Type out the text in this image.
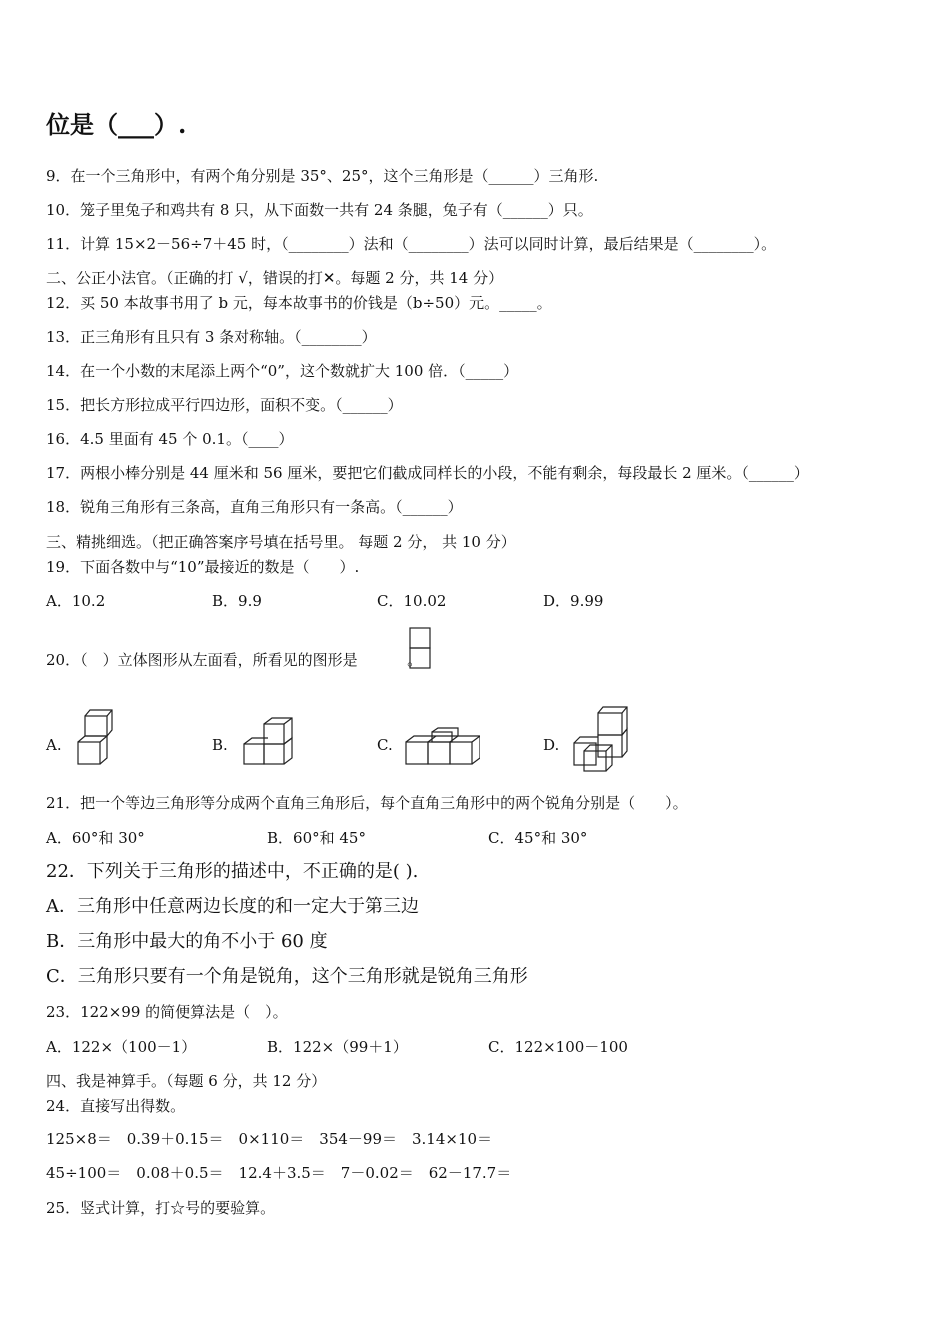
位是（___）.
9．在一个三角形中，有两个角分别是 35°、25°，这个三角形是（______）三角形.
10．笼子里兔子和鸡共有 8 只，从下面数一共有 24 条腿，兔子有（______）只。
11．计算 15×2－56÷7＋45 时，（________）法和（________）法可以同时计算，最后结果是（________）。
二、公正小法官。（正确的打 √，错误的打✕。每题 2 分，共 14 分）
12．买 50 本故事书用了 b 元，每本故事书的价钱是（b÷50）元。_____。
13．正三角形有且只有 3 条对称轴。（________）
14．在一个小数的末尾添上两个“0”，这个数就扩大 100 倍．（_____）
15．把长方形拉成平行四边形，面积不变。（______）
16．4.5 里面有 45 个 0.1。（____）
17．两根小棒分别是 44 厘米和 56 厘米，要把它们截成同样长的小段，不能有剩余，每段最长 2 厘米。（______）
18．锐角三角形有三条高，直角三角形只有一条高。（______）
三、精挑细选。（把正确答案序号填在括号里。 每题 2 分， 共 10 分）
19．下面各数中与“10”最接近的数是（　　）.
A．10.2	B．9.9	C．10.02	D．9.99
20．（　）立体图形从左面看，所看见的图形是	。
A.	B.	C.	D.
21．把一个等边三角形等分成两个直角三角形后，每个直角三角形中的两个锐角分别是（　　）。
A．60°和 30°	B．60°和 45°	C．45°和 30°
22．下列关于三角形的描述中，不正确的是( ).
A．三角形中任意两边长度的和一定大于第三边
B．三角形中最大的角不小于 60 度
C．三角形只要有一个角是锐角，这个三角形就是锐角三角形
23．122×99 的简便算法是（　）。
A．122×（100－1）	B．122×（99＋1）	C．122×100－100
四、我是神算手。（每题 6 分，共 12 分）
24．直接写出得数。
125×8＝　0.39＋0.15＝　0×110＝　354－99＝　3.14×10＝
45÷100＝　0.08＋0.5＝　12.4＋3.5＝　7－0.02＝　62－17.7＝
25．竖式计算，打☆号的要验算。
